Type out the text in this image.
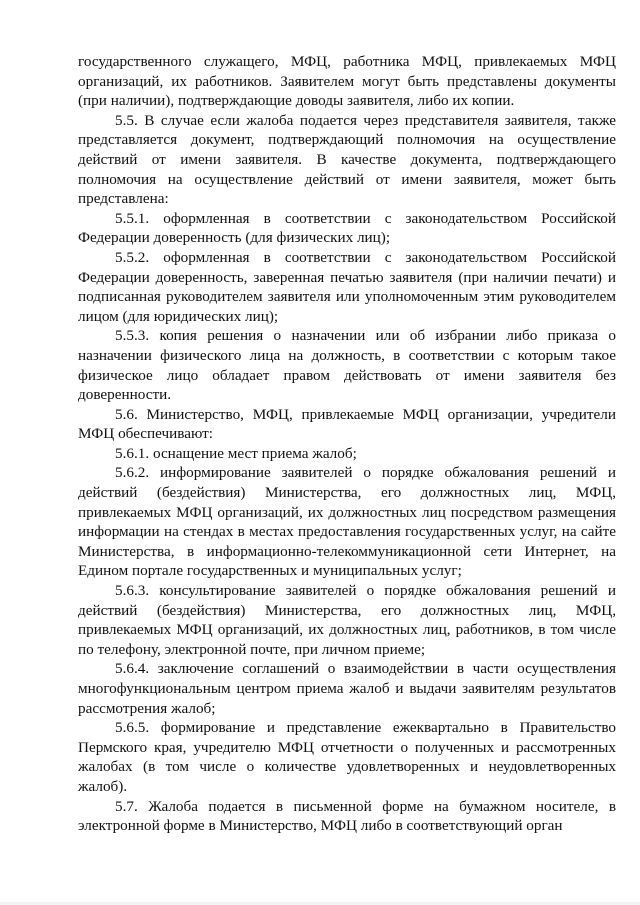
государственного служащего, МФЦ, работника МФЦ, привлекаемых МФЦ организаций, их работников. Заявителем могут быть представлены документы (при наличии), подтверждающие доводы заявителя, либо их копии.

5.5. В случае если жалоба подается через представителя заявителя, также представляется документ, подтверждающий полномочия на осуществление действий от имени заявителя. В качестве документа, подтверждающего полномочия на осуществление действий от имени заявителя, может быть представлена:

5.5.1. оформленная в соответствии с законодательством Российской Федерации доверенность (для физических лиц);

5.5.2. оформленная в соответствии с законодательством Российской Федерации доверенность, заверенная печатью заявителя (при наличии печати) и подписанная руководителем заявителя или уполномоченным этим руководителем лицом (для юридических лиц);

5.5.3. копия решения о назначении или об избрании либо приказа о назначении физического лица на должность, в соответствии с которым такое физическое лицо обладает правом действовать от имени заявителя без доверенности.

5.6. Министерство, МФЦ, привлекаемые МФЦ организации, учредители МФЦ обеспечивают:

5.6.1. оснащение мест приема жалоб;

5.6.2. информирование заявителей о порядке обжалования решений и действий (бездействия) Министерства, его должностных лиц, МФЦ, привлекаемых МФЦ организаций, их должностных лиц посредством размещения информации на стендах в местах предоставления государственных услуг, на сайте Министерства, в информационно-телекоммуникационной сети Интернет, на Едином портале государственных и муниципальных услуг;

5.6.3. консультирование заявителей о порядке обжалования решений и действий (бездействия) Министерства, его должностных лиц, МФЦ, привлекаемых МФЦ организаций, их должностных лиц, работников, в том числе по телефону, электронной почте, при личном приеме;

5.6.4. заключение соглашений о взаимодействии в части осуществления многофункциональным центром приема жалоб и выдачи заявителям результатов рассмотрения жалоб;

5.6.5. формирование и представление ежеквартально в Правительство Пермского края, учредителю МФЦ отчетности о полученных и рассмотренных жалобах (в том числе о количестве удовлетворенных и неудовлетворенных жалоб).

5.7. Жалоба подается в письменной форме на бумажном носителе, в электронной форме в Министерство, МФЦ либо в соответствующий орган
